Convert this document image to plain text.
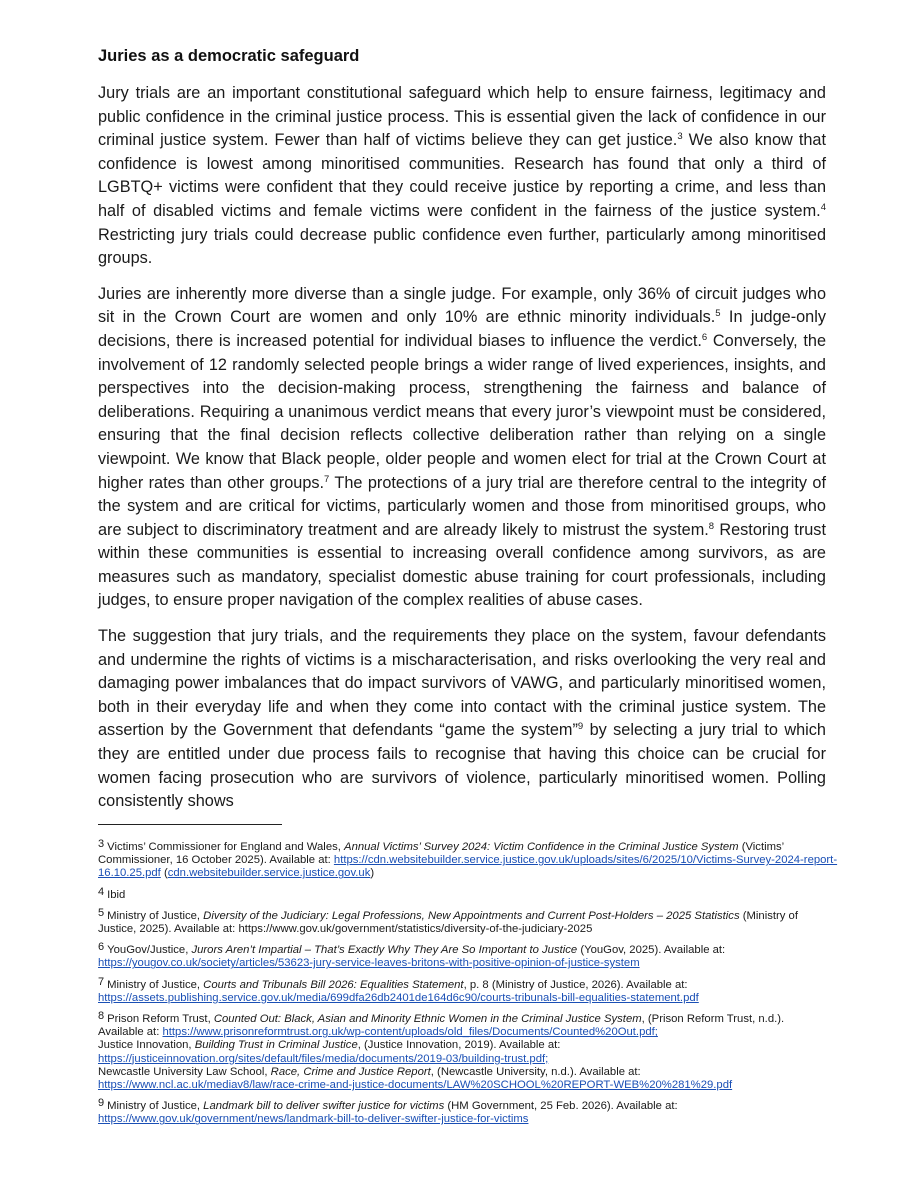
Juries as a democratic safeguard

Jury trials are an important constitutional safeguard which help to ensure fairness, legitimacy and public confidence in the criminal justice process. This is essential given the lack of confidence in our criminal justice system. Fewer than half of victims believe they can get justice.$^3$ We also know that confidence is lowest among minoritised communities. Research has found that only a third of LGBTQ+ victims were confident that they could receive justice by reporting a crime, and less than half of disabled victims and female victims were confident in the fairness of the justice system.$^4$ Restricting jury trials could decrease public confidence even further, particularly among minoritised groups.

Juries are inherently more diverse than a single judge. For example, only 36% of circuit judges who sit in the Crown Court are women and only 10% are ethnic minority individuals.$^5$ In judge-only decisions, there is increased potential for individual biases to influence the verdict.$^6$ Conversely, the involvement of 12 randomly selected people brings a wider range of lived experiences, insights, and perspectives into the decision-making process, strengthening the fairness and balance of deliberations. Requiring a unanimous verdict means that every juror’s viewpoint must be considered, ensuring that the final decision reflects collective deliberation rather than relying on a single viewpoint. We know that Black people, older people and women elect for trial at the Crown Court at higher rates than other groups.$^7$ The protections of a jury trial are therefore central to the integrity of the system and are critical for victims, particularly women and those from minoritised groups, who are subject to discriminatory treatment and are already likely to mistrust the system.$^8$ Restoring trust within these communities is essential to increasing overall confidence among survivors, as are measures such as mandatory, specialist domestic abuse training for court professionals, including judges, to ensure proper navigation of the complex realities of abuse cases.

The suggestion that jury trials, and the requirements they place on the system, favour defendants and undermine the rights of victims is a mischaracterisation, and risks overlooking the very real and damaging power imbalances that do impact survivors of VAWG, and particularly minoritised women, both in their everyday life and when they come into contact with the criminal justice system. The assertion by the Government that defendants “game the system”$^9$ by selecting a jury trial to which they are entitled under due process fails to recognise that having this choice can be crucial for women facing prosecution who are survivors of violence, particularly minoritised women. Polling consistently shows

3 Victims’ Commissioner for England and Wales, Annual Victims’ Survey 2024: Victim Confidence in the Criminal Justice System (Victims’ Commissioner, 16 October 2025). Available at: https://cdn.websitebuilder.service.justice.gov.uk/uploads/sites/6/2025/10/Victims-Survey-2024-report-16.10.25.pdf (cdn.websitebuilder.service.justice.gov.uk)
4 Ibid
5 Ministry of Justice, Diversity of the Judiciary: Legal Professions, New Appointments and Current Post-Holders – 2025 Statistics (Ministry of Justice, 2025). Available at: https://www.gov.uk/government/statistics/diversity-of-the-judiciary-2025
6 YouGov/Justice, Jurors Aren’t Impartial – That’s Exactly Why They Are So Important to Justice (YouGov, 2025). Available at:
https://yougov.co.uk/society/articles/53623-jury-service-leaves-britons-with-positive-opinion-of-justice-system
7 Ministry of Justice, Courts and Tribunals Bill 2026: Equalities Statement, p. 8 (Ministry of Justice, 2026). Available at:
https://assets.publishing.service.gov.uk/media/699dfa26db2401de164d6c90/courts-tribunals-bill-equalities-statement.pdf
8 Prison Reform Trust, Counted Out: Black, Asian and Minority Ethnic Women in the Criminal Justice System, (Prison Reform Trust, n.d.).
Available at: https://www.prisonreformtrust.org.uk/wp-content/uploads/old_files/Documents/Counted%20Out.pdf;
Justice Innovation, Building Trust in Criminal Justice, (Justice Innovation, 2019). Available at:
https://justiceinnovation.org/sites/default/files/media/documents/2019-03/building-trust.pdf;
Newcastle University Law School, Race, Crime and Justice Report, (Newcastle University, n.d.). Available at:
https://www.ncl.ac.uk/mediav8/law/race-crime-and-justice-documents/LAW%20SCHOOL%20REPORT-WEB%20%281%29.pdf
9 Ministry of Justice, Landmark bill to deliver swifter justice for victims (HM Government, 25 Feb. 2026). Available at:
https://www.gov.uk/government/news/landmark-bill-to-deliver-swifter-justice-for-victims
